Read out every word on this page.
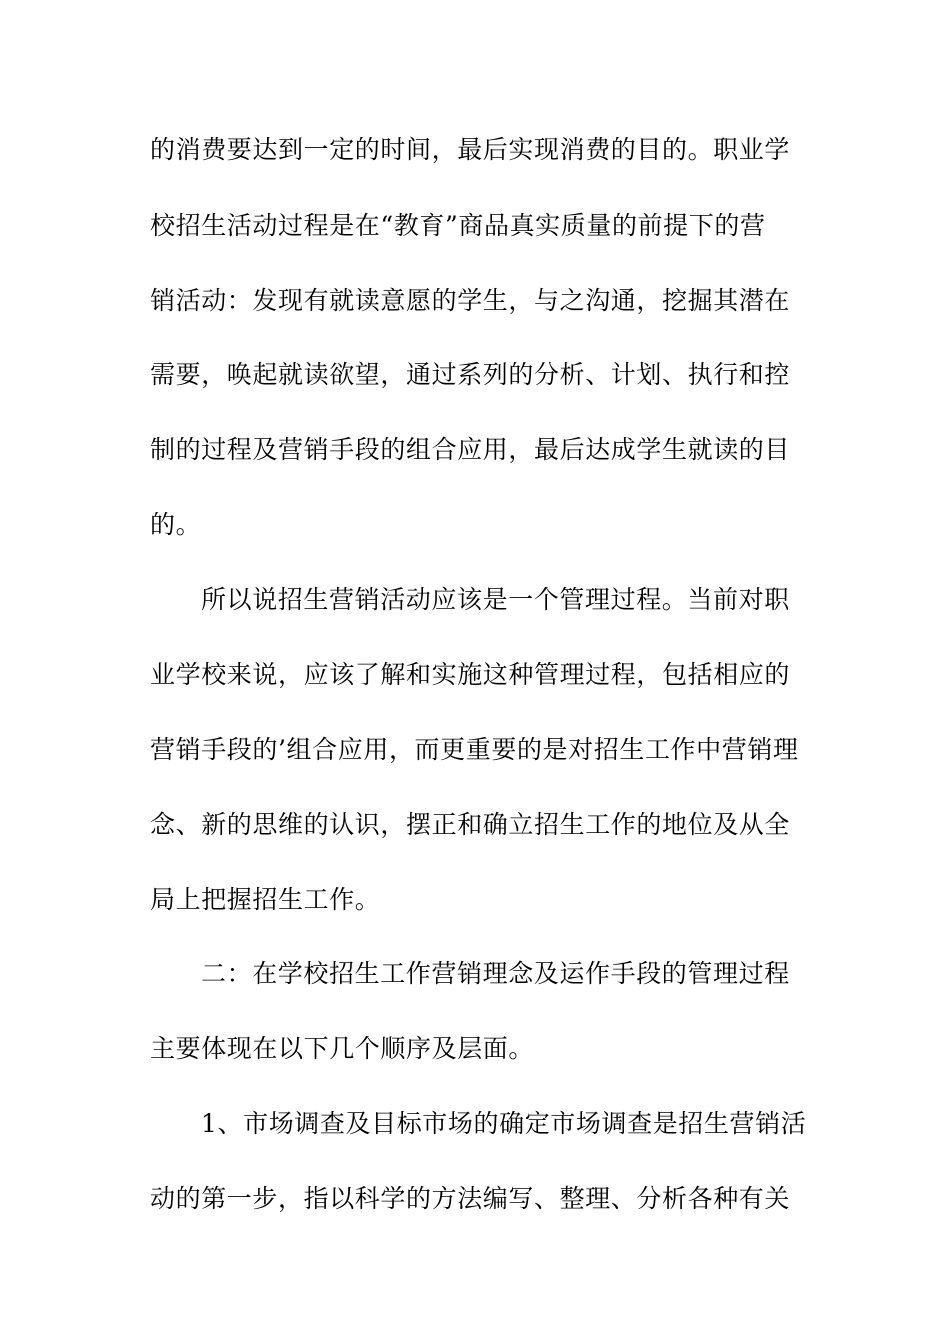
的消费要达到一定的时间，最后实现消费的目的。职业学
校招生活动过程是在“教育”商品真实质量的前提下的营
销活动：发现有就读意愿的学生，与之沟通，挖掘其潜在
需要，唤起就读欲望，通过系列的分析、计划、执行和控
制的过程及营销手段的组合应用，最后达成学生就读的目
的。
所以说招生营销活动应该是一个管理过程。当前对职
业学校来说，应该了解和实施这种管理过程，包括相应的
营销手段的’组合应用，而更重要的是对招生工作中营销理
念、新的思维的认识，摆正和确立招生工作的地位及从全
局上把握招生工作。
二：在学校招生工作营销理念及运作手段的管理过程
主要体现在以下几个顺序及层面。
1、市场调查及目标市场的确定市场调查是招生营销活
动的第一步，指以科学的方法编写、整理、分析各种有关
